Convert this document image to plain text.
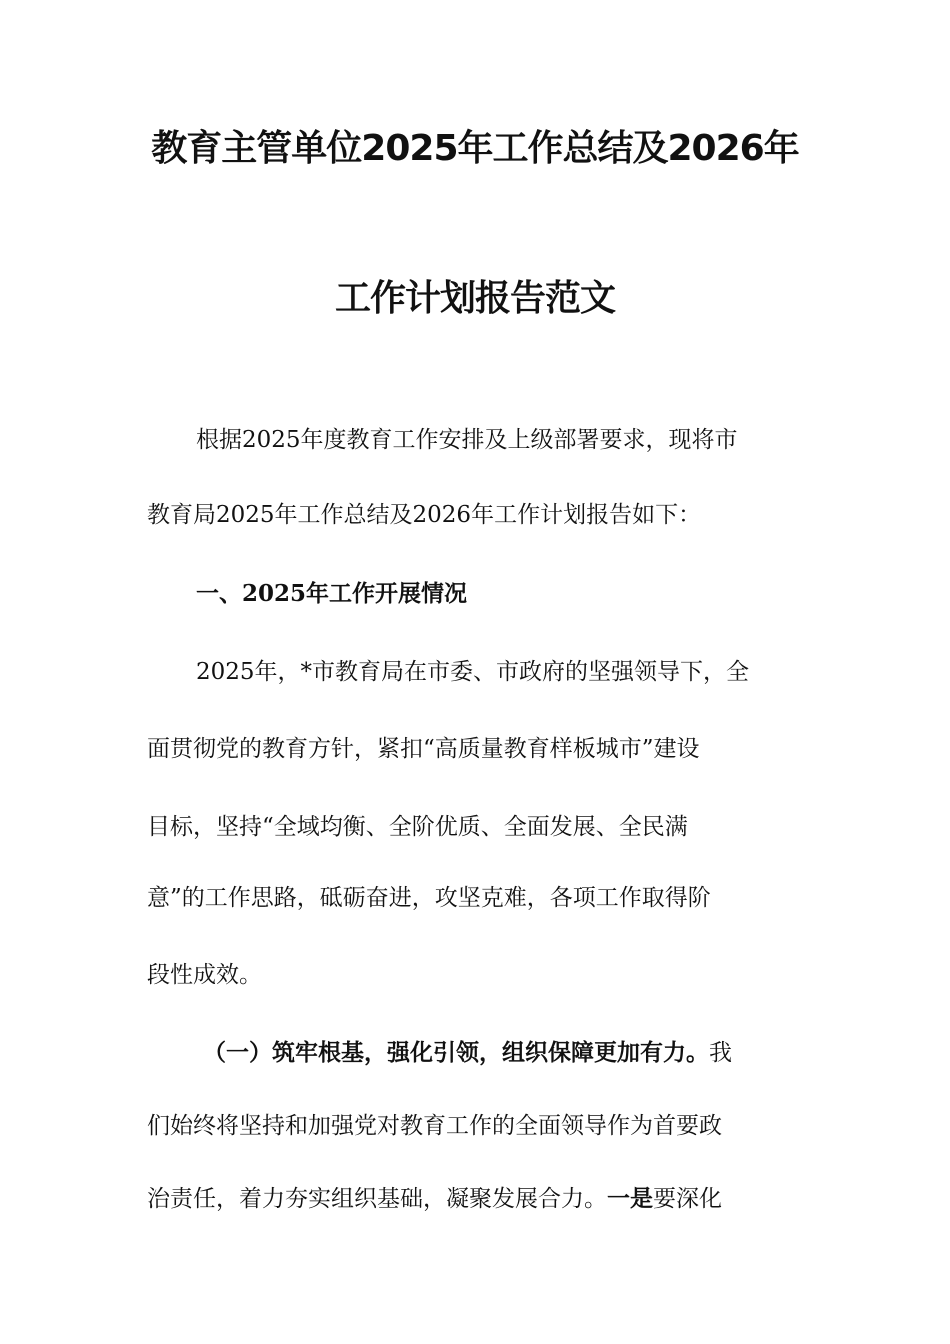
教育主管单位2025年工作总结及2026年
工作计划报告范文
根据2025年度教育工作安排及上级部署要求，现将市
教育局2025年工作总结及2026年工作计划报告如下：
一、2025年工作开展情况
2025年，*市教育局在市委、市政府的坚强领导下，全
面贯彻党的教育方针，紧扣“高质量教育样板城市”建设
目标，坚持“全域均衡、全阶优质、全面发展、全民满
意”的工作思路，砥砺奋进，攻坚克难，各项工作取得阶
段性成效。
（一）筑牢根基，强化引领，组织保障更加有力。我
们始终将坚持和加强党对教育工作的全面领导作为首要政
治责任，着力夯实组织基础，凝聚发展合力。一是要深化
